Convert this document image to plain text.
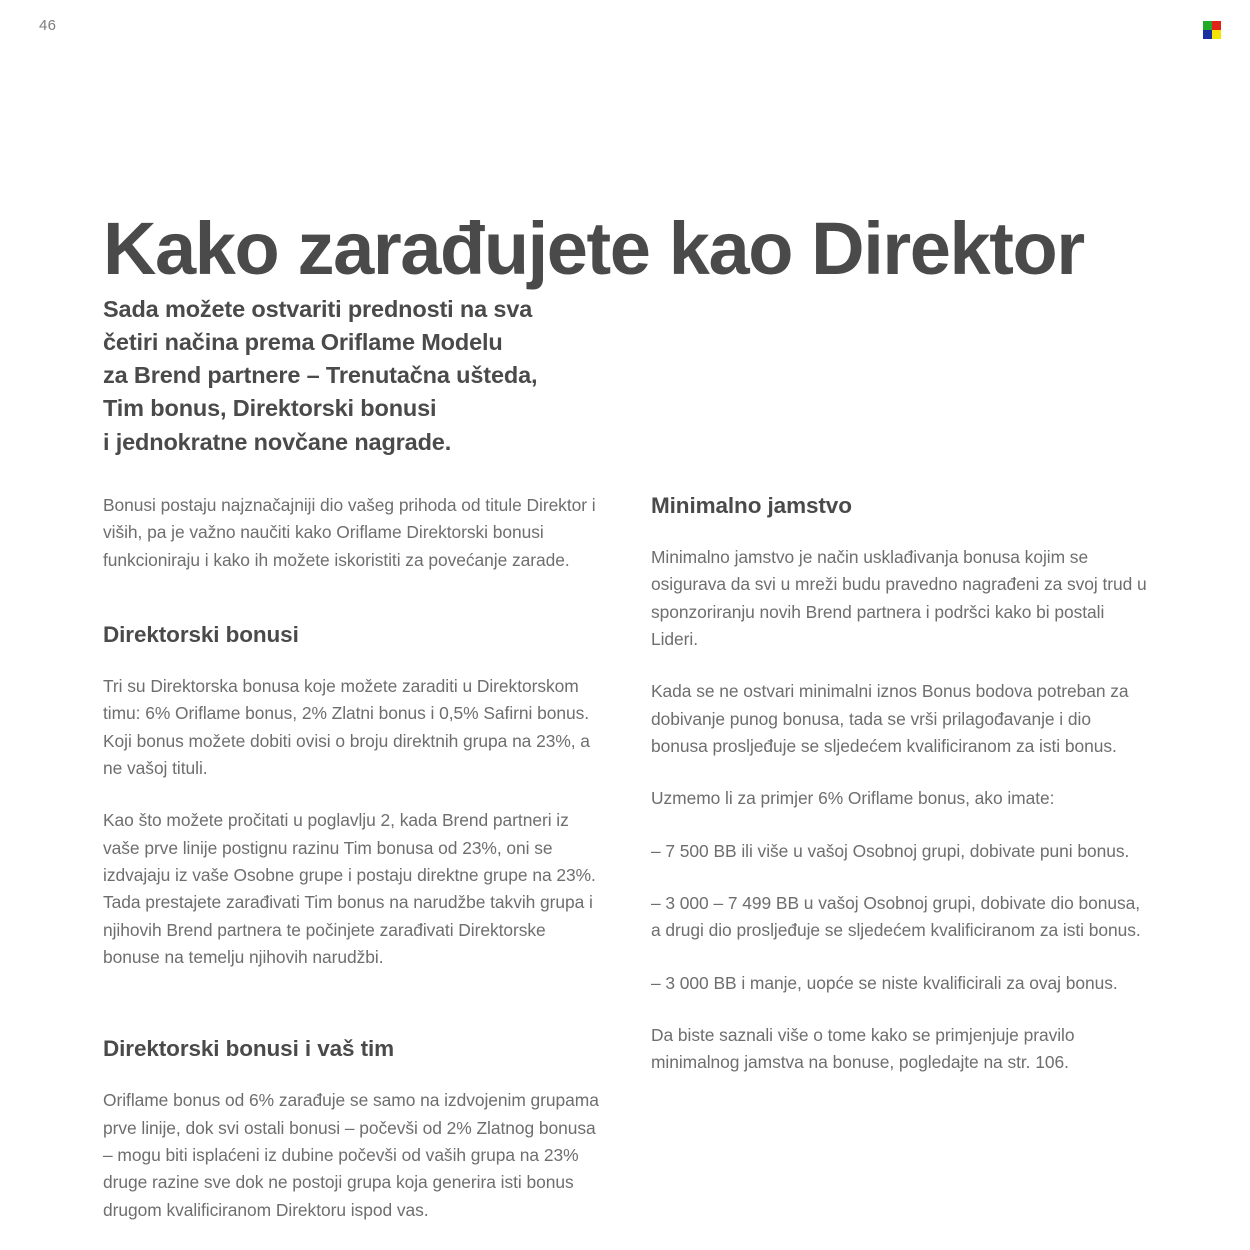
46
Kako zarađujete kao Direktor
Sada možete ostvariti prednosti na sva
četiri načina prema Oriflame Modelu
za Brend partnere – Trenutačna ušteda,
Tim bonus, Direktorski bonusi
i jednokratne novčane nagrade.

Bonusi postaju najznačajniji dio vašeg prihoda od titule Direktor i viših, pa je važno naučiti kako Oriflame Direktorski bonusi funkcioniraju i kako ih možete iskoristiti za povećanje zarade.

Direktorski bonusi

Tri su Direktorska bonusa koje možete zaraditi u Direktorskom timu: 6% Oriflame bonus, 2% Zlatni bonus i 0,5% Safirni bonus. Koji bonus možete dobiti ovisi o broju direktnih grupa na 23%, a ne vašoj tituli.

Kao što možete pročitati u poglavlju 2, kada Brend partneri iz vaše prve linije postignu razinu Tim bonusa od 23%, oni se izdvajaju iz vaše Osobne grupe i postaju direktne grupe na 23%. Tada prestajete zarađivati Tim bonus na narudžbe takvih grupa i njihovih Brend partnera te počinjete zarađivati Direktorske bonuse na temelju njihovih narudžbi.

Direktorski bonusi i vaš tim

Oriflame bonus od 6% zarađuje se samo na izdvojenim grupama prve linije, dok svi ostali bonusi – počevši od 2% Zlatnog bonusa – mogu biti isplaćeni iz dubine počevši od vaših grupa na 23% druge razine sve dok ne postoji grupa koja generira isti bonus drugom kvalificiranom Direktoru ispod vas.

Minimalno jamstvo

Minimalno jamstvo je način usklađivanja bonusa kojim se osigurava da svi u mreži budu pravedno nagrađeni za svoj trud u sponzoriranju novih Brend partnera i podršci kako bi postali Lideri.

Kada se ne ostvari minimalni iznos Bonus bodova potreban za dobivanje punog bonusa, tada se vrši prilagođavanje i dio bonusa prosljeđuje se sljedećem kvalificiranom za isti bonus.

Uzmemo li za primjer 6% Oriflame bonus, ako imate:

– 7 500 BB ili više u vašoj Osobnoj grupi, dobivate puni bonus.

– 3 000 – 7 499 BB u vašoj Osobnoj grupi, dobivate dio bonusa, a drugi dio prosljeđuje se sljedećem kvalificiranom za isti bonus.

– 3 000 BB i manje, uopće se niste kvalificirali za ovaj bonus.

Da biste saznali više o tome kako se primjenjuje pravilo minimalnog jamstva na bonuse, pogledajte na str. 106.
